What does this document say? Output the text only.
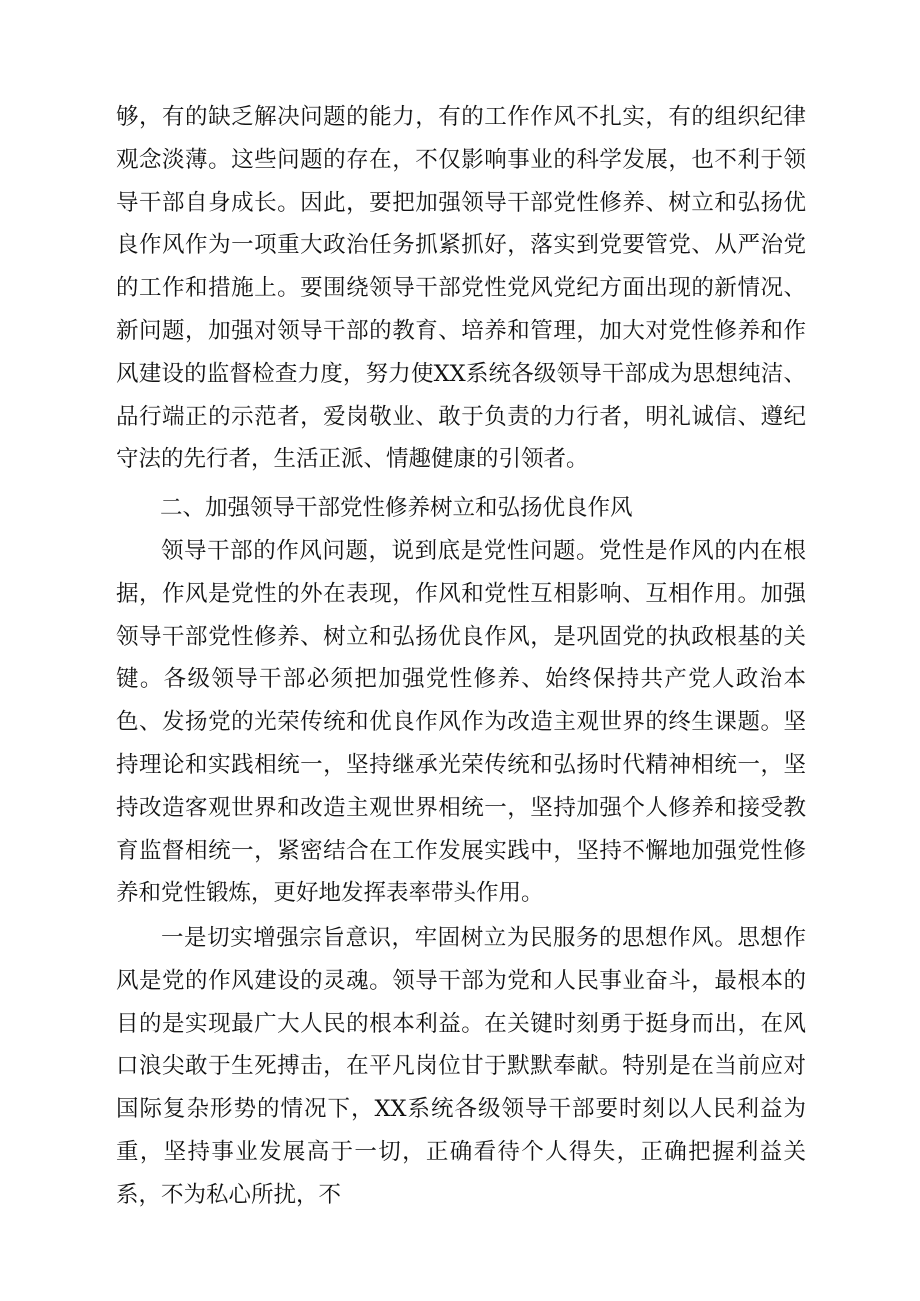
够，有的缺乏解决问题的能力，有的工作作风不扎实，有的组织纪律观念淡薄。这些问题的存在，不仅影响事业的科学发展，也不利于领导干部自身成长。因此，要把加强领导干部党性修养、树立和弘扬优良作风作为一项重大政治任务抓紧抓好，落实到党要管党、从严治党的工作和措施上。要围绕领导干部党性党风党纪方面出现的新情况、新问题，加强对领导干部的教育、培养和管理，加大对党性修养和作风建设的监督检查力度，努力使XX系统各级领导干部成为思想纯洁、品行端正的示范者，爱岗敬业、敢于负责的力行者，明礼诚信、遵纪守法的先行者，生活正派、情趣健康的引领者。
二、加强领导干部党性修养树立和弘扬优良作风
领导干部的作风问题，说到底是党性问题。党性是作风的内在根据，作风是党性的外在表现，作风和党性互相影响、互相作用。加强领导干部党性修养、树立和弘扬优良作风，是巩固党的执政根基的关键。各级领导干部必须把加强党性修养、始终保持共产党人政治本色、发扬党的光荣传统和优良作风作为改造主观世界的终生课题。坚持理论和实践相统一，坚持继承光荣传统和弘扬时代精神相统一，坚持改造客观世界和改造主观世界相统一，坚持加强个人修养和接受教育监督相统一，紧密结合在工作发展实践中，坚持不懈地加强党性修养和党性锻炼，更好地发挥表率带头作用。
一是切实增强宗旨意识，牢固树立为民服务的思想作风。思想作风是党的作风建设的灵魂。领导干部为党和人民事业奋斗，最根本的目的是实现最广大人民的根本利益。在关键时刻勇于挺身而出，在风口浪尖敢于生死搏击，在平凡岗位甘于默默奉献。特别是在当前应对国际复杂形势的情况下，XX系统各级领导干部要时刻以人民利益为重，坚持事业发展高于一切，正确看待个人得失，正确把握利益关系，不为私心所扰，不
